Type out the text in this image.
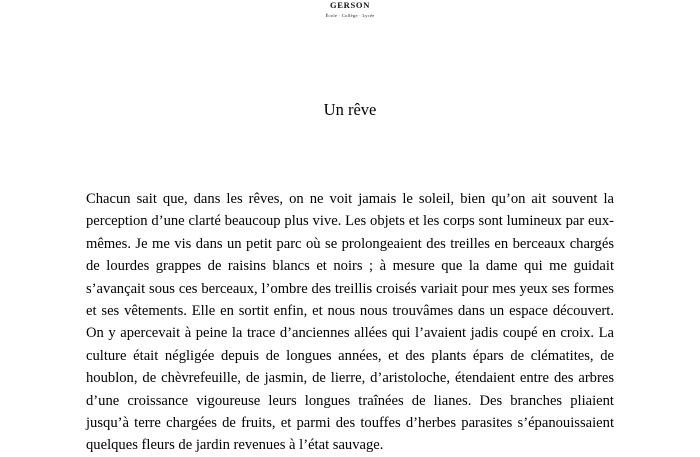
GERSON
École · Collège · Lycée
Un rêve

Chacun sait que, dans les rêves, on ne voit jamais le soleil, bien qu’on ait souvent la perception d’une clarté beaucoup plus vive. Les objets et les corps sont lumineux par eux-mêmes. Je me vis dans un petit parc où se prolongeaient des treilles en berceaux chargés de lourdes grappes de raisins blancs et noirs ; à mesure que la dame qui me guidait s’avançait sous ces berceaux, l’ombre des treillis croisés variait pour mes yeux ses formes et ses vêtements. Elle en sortit enfin, et nous nous trouvâmes dans un espace découvert. On y apercevait à peine la trace d’anciennes allées qui l’avaient jadis coupé en croix. La culture était négligée depuis de longues années, et des plants épars de clématites, de houblon, de chèvrefeuille, de jasmin, de lierre, d’aristoloche, étendaient entre des arbres d’une croissance vigoureuse leurs longues traînées de lianes. Des branches pliaient jusqu’à terre chargées de fruits, et parmi des touffes d’herbes parasites s’épanouissaient quelques fleurs de jardin revenues à l’état sauvage.
